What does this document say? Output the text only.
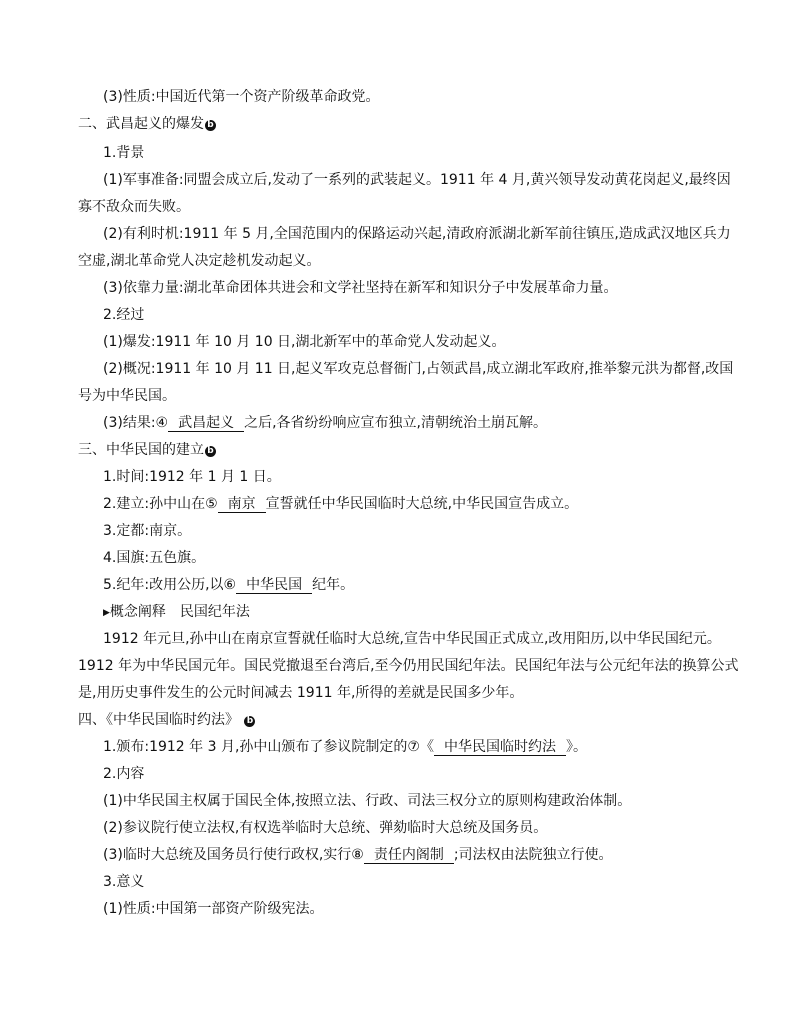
(3)性质:中国近代第一个资产阶级革命政党。
二、武昌起义的爆发 b
1.背景
(1)军事准备:同盟会成立后,发动了一系列的武装起义。1911 年 4 月,黄兴领导发动黄花岗起义,最终因
寡不敌众而失败。
(2)有利时机:1911 年 5 月,全国范围内的保路运动兴起,清政府派湖北新军前往镇压,造成武汉地区兵力
空虚,湖北革命党人决定趁机发动起义。
(3)依靠力量:湖北革命团体共进会和文学社坚持在新军和知识分子中发展革命力量。
2.经过
(1)爆发:1911 年 10 月 10 日,湖北新军中的革命党人发动起义。
(2)概况:1911 年 10 月 11 日,起义军攻克总督衙门,占领武昌,成立湖北军政府,推举黎元洪为都督,改国
号为中华民国。
(3)结果:④ 武昌起义 之后,各省纷纷响应宣布独立,清朝统治土崩瓦解。
三、中华民国的建立 b
1.时间:1912 年 1 月 1 日。
2.建立:孙中山在⑤ 南京 宣誓就任中华民国临时大总统,中华民国宣告成立。
3.定都:南京。
4.国旗:五色旗。
5.纪年:改用公历,以⑥ 中华民国 纪年。
▶概念阐释　民国纪年法
1912 年元旦,孙中山在南京宣誓就任临时大总统,宣告中华民国正式成立,改用阳历,以中华民国纪元。
1912 年为中华民国元年。国民党撤退至台湾后,至今仍用民国纪年法。民国纪年法与公元纪年法的换算公式
是,用历史事件发生的公元时间减去 1911 年,所得的差就是民国多少年。
四、《中华民国临时约法》 b
1.颁布:1912 年 3 月,孙中山颁布了参议院制定的⑦《 中华民国临时约法 》。
2.内容
(1)中华民国主权属于国民全体,按照立法、行政、司法三权分立的原则构建政治体制。
(2)参议院行使立法权,有权选举临时大总统、弹劾临时大总统及国务员。
(3)临时大总统及国务员行使行政权,实行⑧ 责任内阁制 ;司法权由法院独立行使。
3.意义
(1)性质:中国第一部资产阶级宪法。
